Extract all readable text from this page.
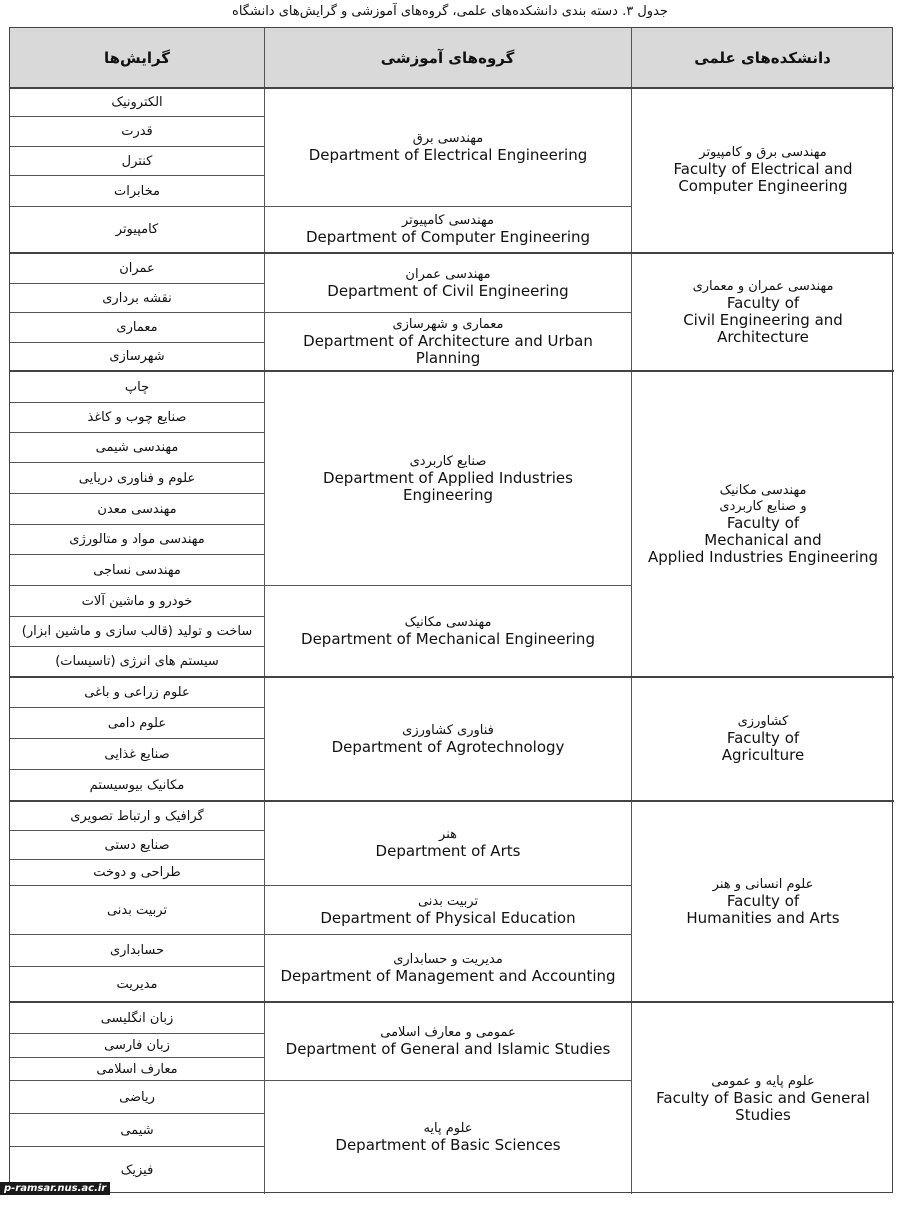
جدول ۳. دسته بندی دانشکده‌های علمی، گروه‌های آموزشی و گرایش‌های دانشگاه
گرایش‌ها	گروه‌های آموزشی	دانشکده‌های علمی
مهندسی برق و کامپیوتر
Faculty of Electrical and
Computer Engineering
مهندسی عمران و معماری
Faculty of
Civil Engineering and
Architecture
مهندسی مکانیک
و صنایع کاربردی
Faculty of
Mechanical and
Applied Industries Engineering
کشاورزی
Faculty of
Agriculture
علوم انسانی و هنر
Faculty of
Humanities and Arts
علوم پایه و عمومی
Faculty of Basic and General
Studies
مهندسی برق
Department of Electrical Engineering
مهندسی کامپیوتر
Department of Computer Engineering
مهندسی عمران
Department of Civil Engineering
معماری و شهرسازی
Department of Architecture and Urban
Planning
صنایع کاربردی
Department of Applied Industries
Engineering
مهندسی مکانیک
Department of Mechanical Engineering
فناوری کشاورزی
Department of Agrotechnology
هنر
Department of Arts
تربیت بدنی
Department of Physical Education
مدیریت و حسابداری
Department of Management and Accounting
عمومی و معارف اسلامی
Department of General and Islamic Studies
علوم پایه
Department of Basic Sciences
الکترونیک
قدرت
کنترل
مخابرات
کامپیوتر
عمران
نقشه برداری
معماری
شهرسازی
چاپ
صنایع چوب و کاغذ
مهندسی شیمی
علوم و فناوری دریایی
مهندسی معدن
مهندسی مواد و متالورژی
مهندسی نساجی
خودرو و ماشین آلات
ساخت و تولید (قالب سازی و ماشین ابزار)
سیستم های انرژی (تاسیسات)
علوم زراعی و باغی
علوم دامی
صنایع غذایی
مکانیک بیوسیستم
گرافیک و ارتباط تصویری
صنایع دستی
طراحی و دوخت
تربیت بدنی
حسابداری
مدیریت
زبان انگلیسی
زبان فارسی
معارف اسلامی
ریاضی
شیمی
فیزیک
p-ramsar.nus.ac.ir
